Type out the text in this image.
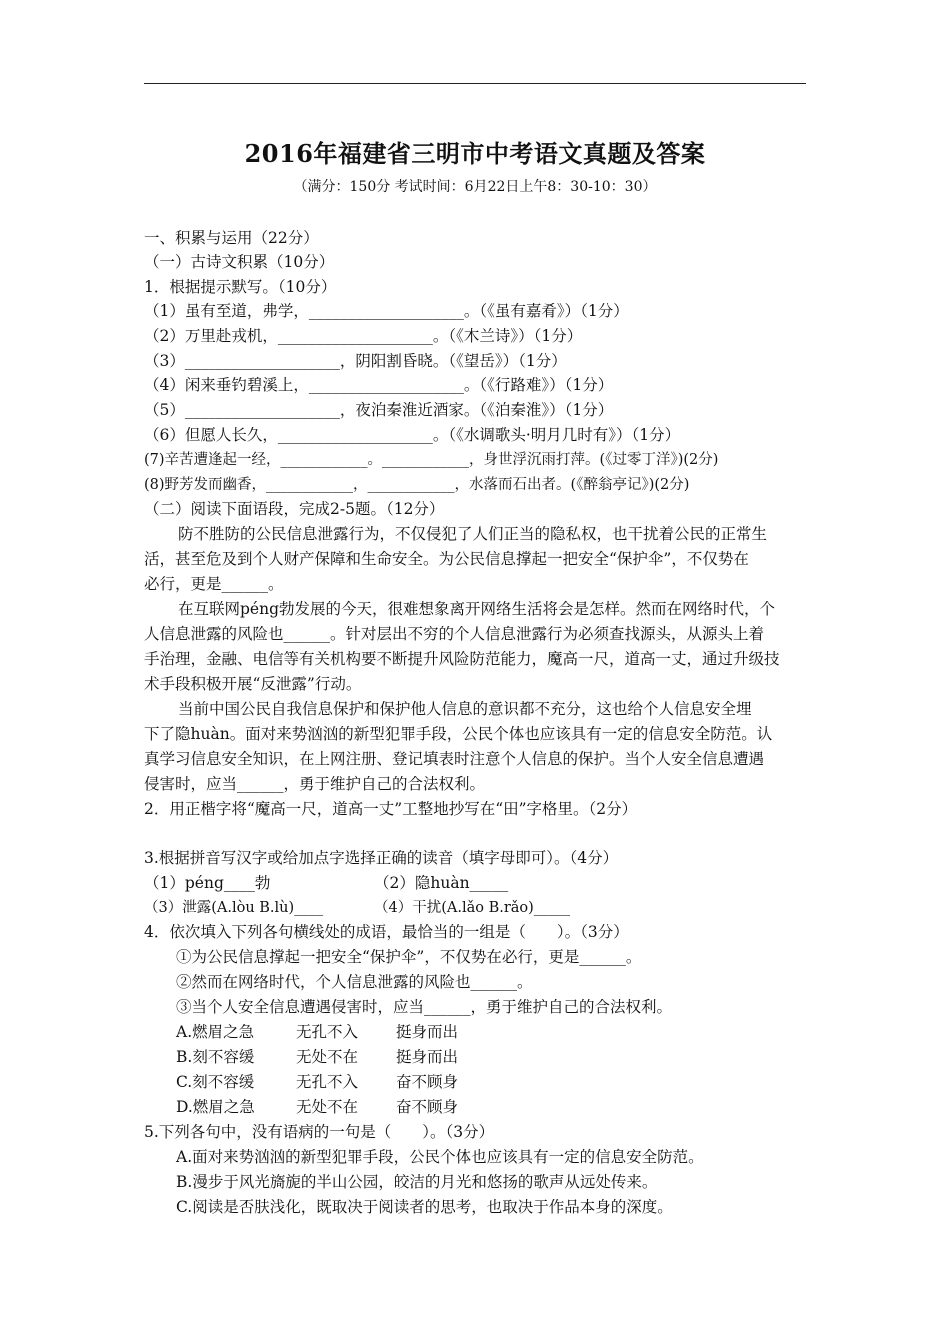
2016年福建省三明市中考语文真题及答案
（满分：150分 考试时间：6月22日上午8：30-10：30）
一、积累与运用（22分）
（一）古诗文积累（10分）
1．根据提示默写。（10分）
（1）虽有至道，弗学，____________________。（《虽有嘉肴》）（1分）
（2）万里赴戎机，____________________。（《木兰诗》）（1分）
（3）____________________，阴阳割昏晓。（《望岳》）（1分）
（4）闲来垂钓碧溪上，____________________。（《行路难》）（1分）
（5）____________________，夜泊秦淮近酒家。（《泊秦淮》）（1分）
（6）但愿人长久，____________________。（《水调歌头·明月几时有》）（1分）
(7)辛苦遭逢起一经，____________。____________，身世浮沉雨打萍。(《过零丁洋》)(2分)
(8)野芳发而幽香，____________，____________，水落而石出者。(《醉翁亭记》)(2分)
（二）阅读下面语段，完成2-5题。（12分）
防不胜防的公民信息泄露行为，不仅侵犯了人们正当的隐私权，也干扰着公民的正常生
活，甚至危及到个人财产保障和生命安全。为公民信息撑起一把安全“保护伞”，不仅势在
必行，更是______。
在互联网péng勃发展的今天，很难想象离开网络生活将会是怎样。然而在网络时代，个
人信息泄露的风险也______。针对层出不穷的个人信息泄露行为必须查找源头，从源头上着
手治理，金融、电信等有关机构要不断提升风险防范能力，魔高一尺，道高一丈，通过升级技
术手段积极开展“反泄露”行动。
当前中国公民自我信息保护和保护他人信息的意识都不充分，这也给个人信息安全埋
下了隐huàn。面对来势汹汹的新型犯罪手段，公民个体也应该具有一定的信息安全防范。认
真学习信息安全知识，在上网注册、登记填表时注意个人信息的保护。当个人安全信息遭遇
侵害时，应当______，勇于维护自己的合法权利。
2．用正楷字将“魔高一尺，道高一丈”工整地抄写在“田”字格里。（2分）
3.根据拼音写汉字或给加点字选择正确的读音（填字母即可）。（4分）
（1）péng____勃	（2）隐huàn_____
（3）泄露(A.lòu B.lù)____	（4）干扰(A.lǎo B.rǎo)_____
4．依次填入下列各句横线处的成语，最恰当的一组是（　　）。（3分）
①为公民信息撑起一把安全“保护伞”，不仅势在必行，更是______。
②然而在网络时代，个人信息泄露的风险也______。
③当个人安全信息遭遇侵害时，应当______，勇于维护自己的合法权利。
A.燃眉之急	无孔不入 挺身而出
B.刻不容缓	无处不在 挺身而出
C.刻不容缓	无孔不入 奋不顾身
D.燃眉之急	无处不在 奋不顾身
5.下列各句中，没有语病的一句是（　　）。（3分）
A.面对来势汹汹的新型犯罪手段，公民个体也应该具有一定的信息安全防范。
B.漫步于风光旖旎的半山公园，皎洁的月光和悠扬的歌声从远处传来。
C.阅读是否肤浅化，既取决于阅读者的思考，也取决于作品本身的深度。
